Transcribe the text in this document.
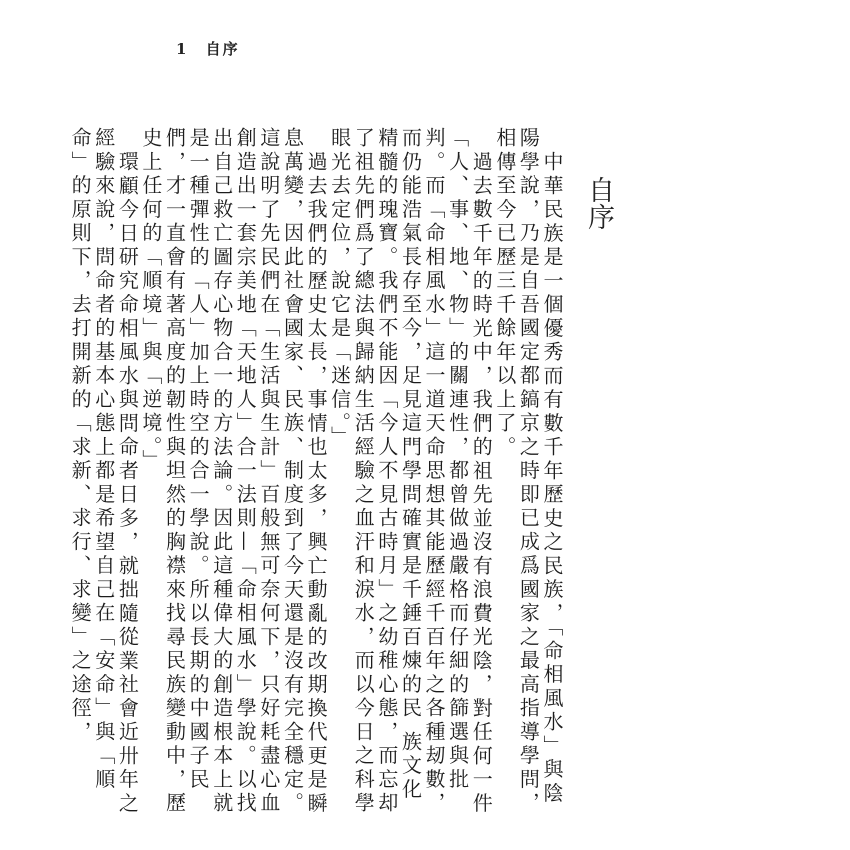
1 自序
自序

中華民族是一個優秀而有數千年歷史之民族，「命相風水」與陰陽學說，乃是自吾國定都鎬京之時即已成爲國家之最高指導學問，相傳至今已歷三千餘年以上了。

過去數千年的時光中，我們的祖先並沒有浪費光陰，對任何一件「人、事、地、物」的關連性，都曾做過嚴格而仔細的篩選與批判。而「命相風水」這一道天命思想其能歷經千百年之各種刼數，而仍能浩氣長存至今，足見這門學問確實是千錘百煉的民 族文化精髓的瑰寶。我們不能因「今人不見古時月」之幼稚心態，而忘却了祖先們爲了總法與歸納生活經驗之血汗和淚水，而以今日之科學眼光去定位，說它是「迷信。」

過去我們的歷史太長，事情也太多，興亡動亂的改期換代更是瞬息萬變，因此社會國家、民族、制度到了今天還是沒有完全穩定。這說明了先民們在「生活與生計」百般無可奈何下，只好耗盡心血創造出一套宗美地「天地人」合一法則—「命相風水」學說。以找出自己救亡圖存心物合一的方法論。因此這種偉大的創造根本上就是一種彈性的「人」加上時空的合一學說。所以長期的中國子民們，才一直會有著高度的韌性與坦然的胸襟來找尋民族變動中，歷史上任何的「順境」與「逆境。」

環顧今日研究命相風水與問命者日多，就拙隨從業社會近卅年之經驗來說，問命者的基本心態上都是希望自己在「安命」與「順命」的原則下，去打開新的「求新、求行、求變」之途徑，
